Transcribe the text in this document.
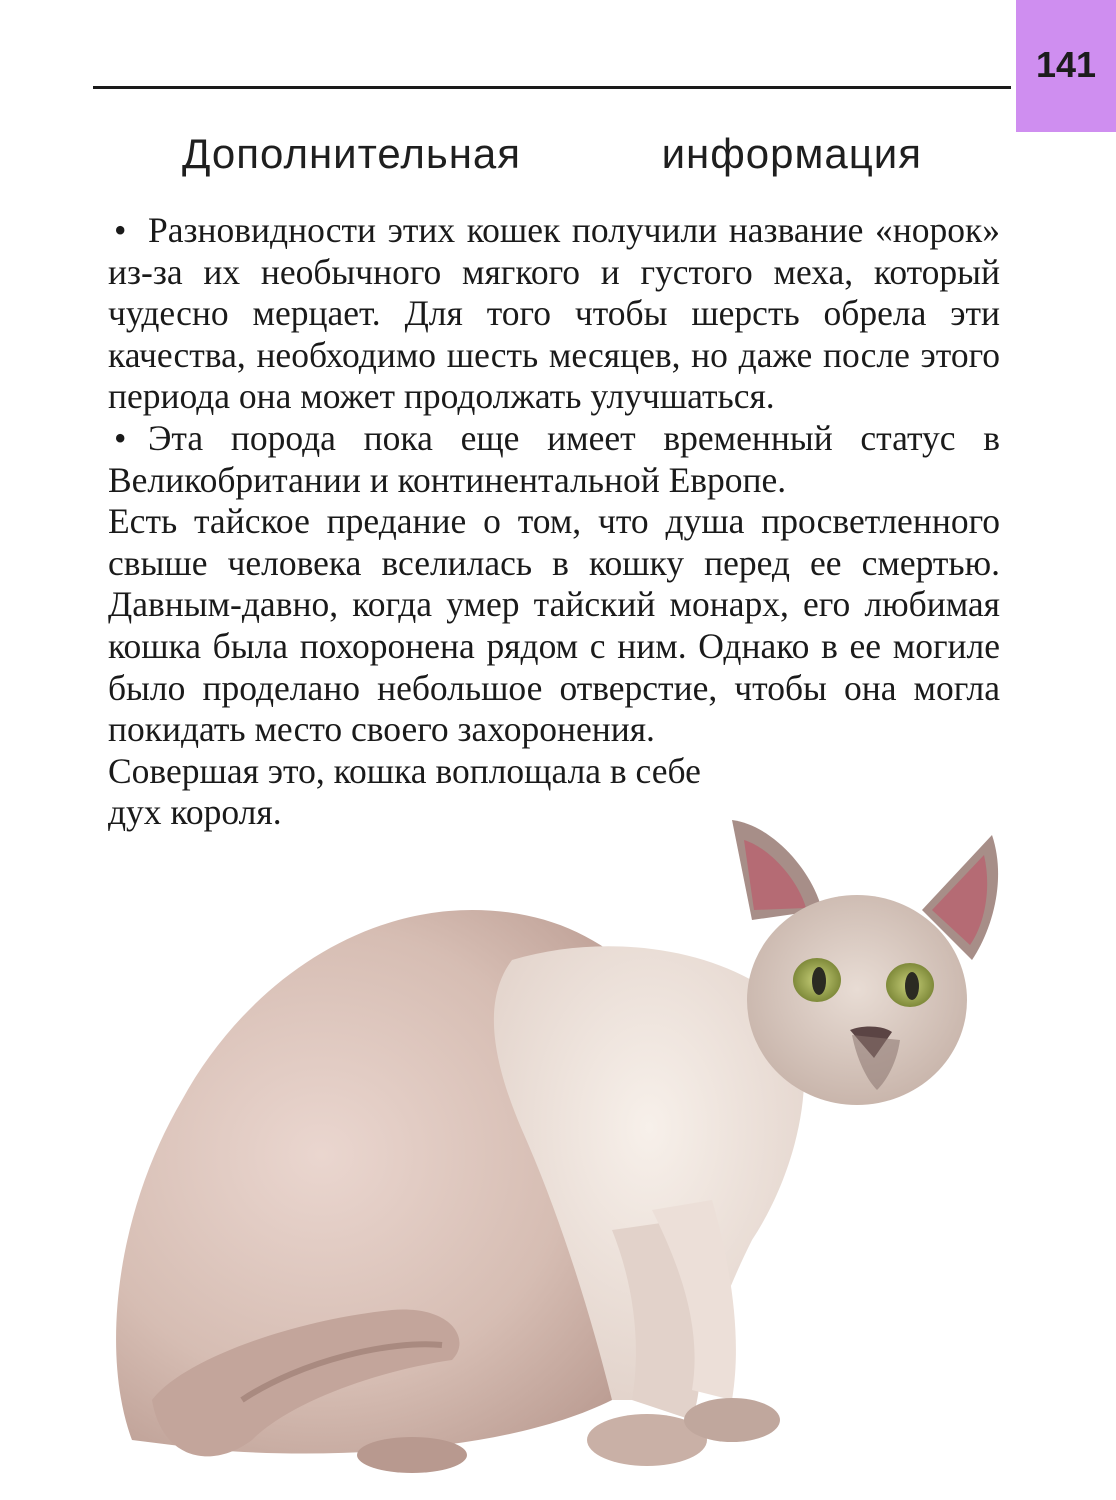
141
Дополнительная	информация

• Разновидности этих кошек получили название «норок» из-за их необычного мягкого и густого меха, который чудесно мерцает. Для того чтобы шерсть обрела эти качества, необходимо шесть месяцев, но даже после этого периода она может продолжать улучшаться.

• Эта порода пока еще имеет временный статус в Великобритании и континентальной Европе.

Есть тайское предание о том, что душа просветленного свыше человека вселилась в кошку перед ее смертью. Давным-давно, когда умер тайский монарх, его любимая кошка была похоронена рядом с ним. Однако в ее могиле было проделано небольшое отверстие, чтобы она могла покидать место своего захоронения.

Совершая это, кошка воплощала в себе дух короля.
